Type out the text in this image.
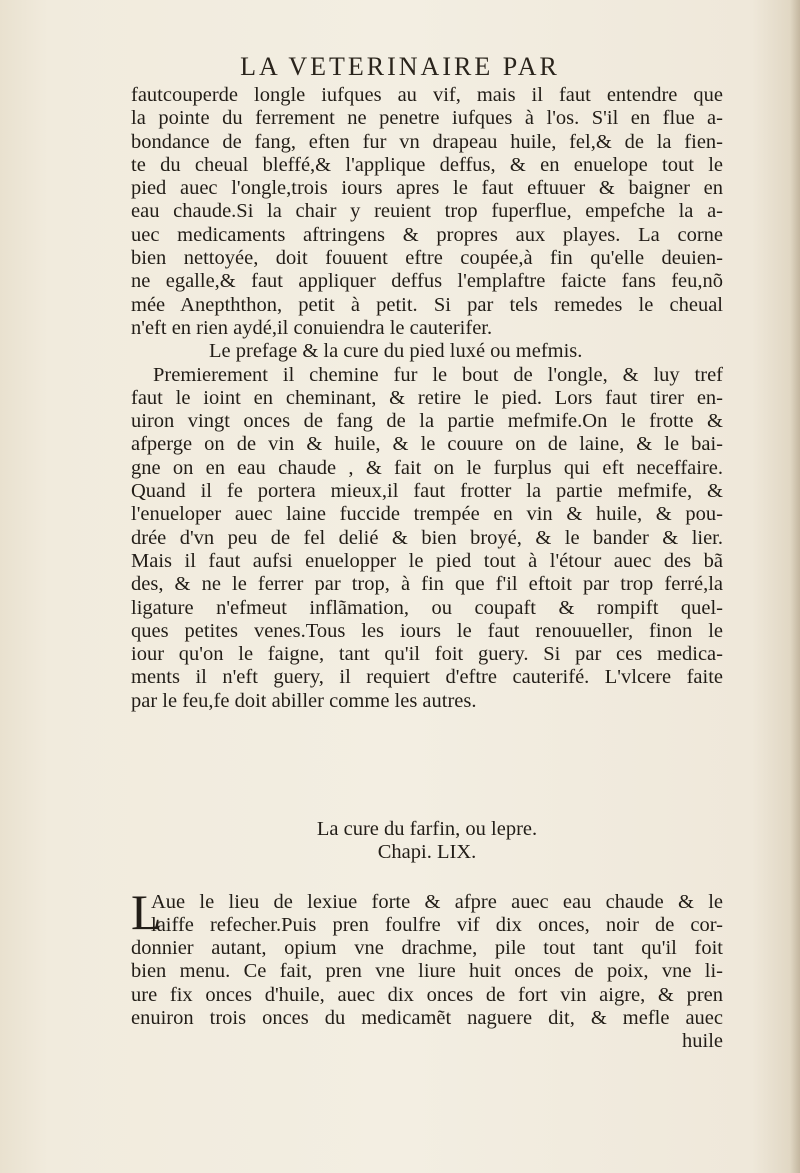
LA VETERINAIRE PAR
fautcouperde longle iufques au vif, mais il faut entendre que
la pointe du ferrement ne penetre iufques à l'os. S'il en flue a-
bondance de fang, eften fur vn drapeau huile, fel,& de la fien-
te du cheual bleffé,& l'applique deffus, & en enuelope tout le
pied auec l'ongle,trois iours apres le faut eftuuer & baigner en
eau chaude.Si la chair y reuient trop fuperflue, empefche la a-
uec medicaments aftringens & propres aux playes. La corne
bien nettoyée, doit fouuent eftre coupée,à fin qu'elle deuien-
ne egalle,& faut appliquer deffus l'emplaftre faicte fans feu,nõ
mée Anepththon, petit à petit. Si par tels remedes le cheual
n'eft en rien aydé,il conuiendra le cauterifer.
Le prefage & la cure du pied luxé ou mefmis.
Premierement il chemine fur le bout de l'ongle, & luy tref
faut le ioint en cheminant, & retire le pied. Lors faut tirer en-
uiron vingt onces de fang de la partie mefmife.On le frotte &
afperge on de vin & huile, & le couure on de laine, & le bai-
gne on en eau chaude , & fait on le furplus qui eft neceffaire.
Quand il fe portera mieux,il faut frotter la partie mefmife, &
l'enueloper auec laine fuccide trempée en vin & huile, & pou-
drée d'vn peu de fel delié & bien broyé, & le bander & lier.
Mais il faut aufsi enuelopper le pied tout à l'étour auec des bã
des, & ne le ferrer par trop, à fin que f'il eftoit par trop ferré,la
ligature n'efmeut inflãmation, ou coupaft & rompift quel-
ques petites venes.Tous les iours le faut renouueller, finon le
iour qu'on le faigne, tant qu'il foit guery. Si par ces medica-
ments il n'eft guery, il requiert d'eftre cauterifé. L'vlcere faite
par le feu,fe doit abiller comme les autres.
La cure du farfin, ou lepre.
Chapi. LIX.
L
Aue le lieu de lexiue forte & afpre auec eau chaude & le
laiffe refecher.Puis pren foulfre vif dix onces, noir de cor-
donnier autant, opium vne drachme, pile tout tant qu'il foit
bien menu. Ce fait, pren vne liure huit onces de poix, vne li-
ure fix onces d'huile, auec dix onces de fort vin aigre, & pren
enuiron trois onces du medicamẽt naguere dit, & mefle auec
huile
